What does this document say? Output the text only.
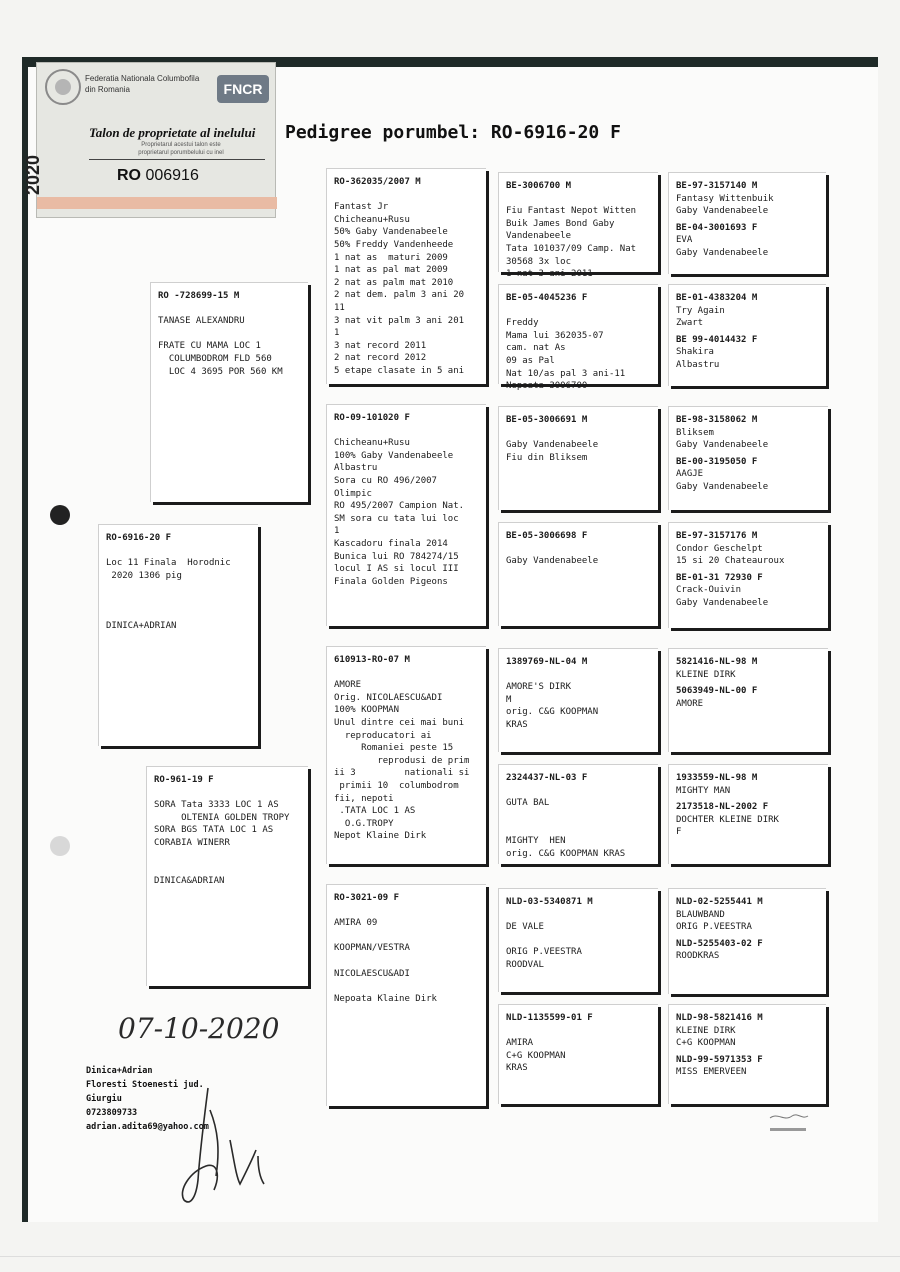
Federatia Nationala Columbofila din Romania	FNCR
2020
Talon de proprietate al inelului
Proprietarul acestui talon este proprietarul porumbelului cu inel
RO 006916
Pedigree porumbel: RO-6916-20 F
RO-6916-20 F
Loc 11 Finala  Horodnic
2020 1306 pig
DINICA+ADRIAN
RO -728699-15 M
TANASE ALEXANDRU
FRATE CU MAMA LOC 1
COLUMBODROM FLD 560
LOC 4 3695 POR 560 KM
RO-961-19 F
SORA Tata 3333 LOC 1 AS
OLTENIA GOLDEN TROPY
SORA BGS TATA LOC 1 AS
CORABIA WINERR
DINICA&ADRIAN
RO-362035/2007 M
Fantast Jr
Chicheanu+Rusu
50% Gaby Vandenabeele
50% Freddy Vandenheede
1 nat as  maturi 2009
1 nat as pal mat 2009
2 nat as palm mat 2010
2 nat dem. palm 3 ani 20
11
3 nat vit palm 3 ani 201
1
3 nat record 2011
2 nat record 2012
5 etape clasate in 5 ani
RO-09-101020 F
Chicheanu+Rusu
100% Gaby Vandenabeele
Albastru
Sora cu RO 496/2007
Olimpic
RO 495/2007 Campion Nat.
SM sora cu tata lui loc
1
Kascadoru finala 2014
Bunica lui RO 784274/15
locul I AS si locul III
Finala Golden Pigeons
610913-RO-07 M
AMORE
Orig. NICOLAESCU&ADI
100% KOOPMAN
Unul dintre cei mai buni
reproducatori ai
Romaniei peste 15
reprodusi de prim
ii 3         nationali si
primii 10  columbodrom
fii, nepoti
.TATA LOC 1 AS
O.G.TROPY
Nepot Klaine Dirk
RO-3021-09 F
AMIRA 09
KOOPMAN/VESTRA
NICOLAESCU&ADI
Nepoata Klaine Dirk
BE-3006700 M
Fiu Fantast Nepot Witten
Buik James Bond Gaby
Vandenabeele
Tata 101037/09 Camp. Nat
30568 3x loc
1 nat 3 ani 2011
BE-05-4045236 F
Freddy
Mama lui 362035-07
cam. nat As
09 as Pal
Nat 10/as pal 3 ani-11
Nepoata 3006700
BE-05-3006691 M
Gaby Vandenabeele
Fiu din Bliksem
BE-05-3006698 F
Gaby Vandenabeele
1389769-NL-04 M
AMORE'S DIRK
M
orig. C&G KOOPMAN
KRAS
2324437-NL-03 F
GUTA BAL
MIGHTY  HEN
orig. C&G KOOPMAN KRAS
NLD-03-5340871 M
DE VALE
ORIG P.VEESTRA
ROODVAL
NLD-1135599-01 F
AMIRA
C+G KOOPMAN
KRAS
BE-97-3157140 M
Fantasy Wittenbuik
Gaby Vandenabeele
BE-04-3001693 F
EVA
Gaby Vandenabeele
BE-01-4383204 M
Try Again
Zwart
BE 99-4014432 F
Shakira
Albastru
BE-98-3158062 M
Bliksem
Gaby Vandenabeele
BE-00-3195050 F
AAGJE
Gaby Vandenabeele
BE-97-3157176 M
Condor Geschelpt
15 si 20 Chateauroux
BE-01-31 72930 F
Crack-Ouivin
Gaby Vandenabeele
5821416-NL-98 M
KLEINE DIRK
5063949-NL-00 F
AMORE
1933559-NL-98 M
MIGHTY MAN
2173518-NL-2002 F
DOCHTER KLEINE DIRK
F
NLD-02-5255441 M
BLAUWBAND
ORIG P.VEESTRA
NLD-5255403-02 F
ROODKRAS
NLD-98-5821416 M
KLEINE DIRK
C+G KOOPMAN
NLD-99-5971353 F
MISS EMERVEEN
07-10-2020
Dinica+Adrian
Floresti Stoenesti jud.
Giurgiu
0723809733
adrian.adita69@yahoo.com
